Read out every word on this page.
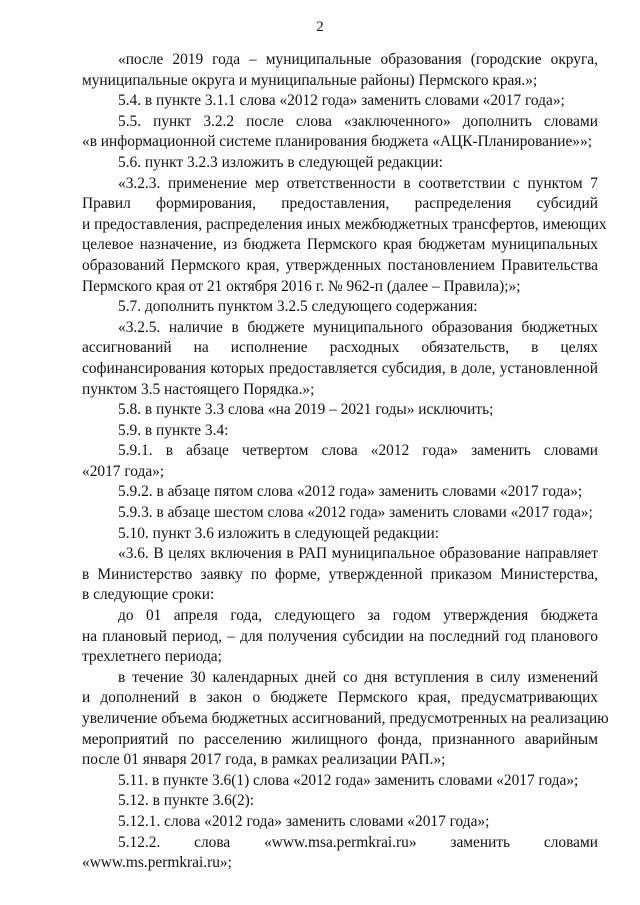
2
«после 2019 года – муниципальные образования (городские округа,
муниципальные округа и муниципальные районы) Пермского края.»;
5.4. в пункте 3.1.1 слова «2012 года» заменить словами «2017 года»;
5.5. пункт 3.2.2 после слова «заключенного» дополнить словами
«в информационной системе планирования бюджета «АЦК-Планирование»»;
5.6. пункт 3.2.3 изложить в следующей редакции:
«3.2.3. применение мер ответственности в соответствии с пунктом 7
Правил формирования, предоставления, распределения субсидий
и предоставления, распределения иных межбюджетных трансфертов, имеющих
целевое назначение, из бюджета Пермского края бюджетам муниципальных
образований Пермского края, утвержденных постановлением Правительства
Пермского края от 21 октября 2016 г. № 962-п (далее – Правила);»;
5.7. дополнить пунктом 3.2.5 следующего содержания:
«3.2.5. наличие в бюджете муниципального образования бюджетных
ассигнований на исполнение расходных обязательств, в целях
софинансирования которых предоставляется субсидия, в доле, установленной
пунктом 3.5 настоящего Порядка.»;
5.8. в пункте 3.3 слова «на 2019 – 2021 годы» исключить;
5.9. в пункте 3.4:
5.9.1. в абзаце четвертом слова «2012 года» заменить словами
«2017 года»;
5.9.2. в абзаце пятом слова «2012 года» заменить словами «2017 года»;
5.9.3. в абзаце шестом слова «2012 года» заменить словами «2017 года»;
5.10. пункт 3.6 изложить в следующей редакции:
«3.6. В целях включения в РАП муниципальное образование направляет
в Министерство заявку по форме, утвержденной приказом Министерства,
в следующие сроки:
до 01 апреля года, следующего за годом утверждения бюджета
на плановый период, – для получения субсидии на последний год планового
трехлетнего периода;
в течение 30 календарных дней со дня вступления в силу изменений
и дополнений в закон о бюджете Пермского края, предусматривающих
увеличение объема бюджетных ассигнований, предусмотренных на реализацию
мероприятий по расселению жилищного фонда, признанного аварийным
после 01 января 2017 года, в рамках реализации РАП.»;
5.11. в пункте 3.6(1) слова «2012 года» заменить словами «2017 года»;
5.12. в пункте 3.6(2):
5.12.1. слова «2012 года» заменить словами «2017 года»;
5.12.2. слова «www.msa.permkrai.ru» заменить словами
«www.ms.permkrai.ru»;
